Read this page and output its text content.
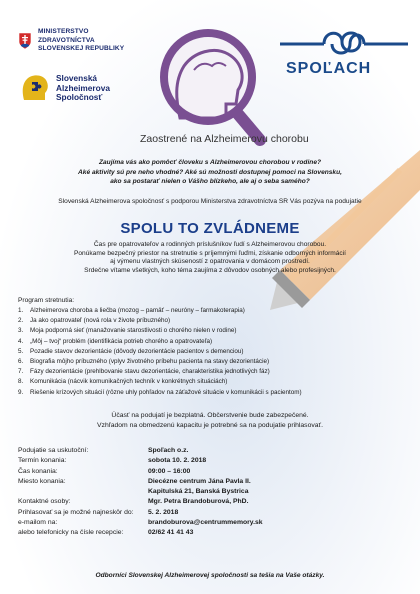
MINISTERSTVO
ZDRAVOTNÍCTVA
SLOVENSKEJ REPUBLIKY
Slovenská
Alzheimerova
Spoločnosť
SPOĽACH
Zaostrené na Alzheimerovu chorobu
Zaujíma vás ako pomôcť človeku s Alzheimerovou chorobou v rodine?
Aké aktivity sú pre neho vhodné? Aké sú možnosti dostupnej pomoci na Slovensku,
ako sa postarať nielen o Vášho blízkeho, ale aj o seba samého?
Slovenská Alzheimerova spoločnosť s podporou Ministerstva zdravotníctva SR Vás pozýva na podujatie
SPOLU TO ZVLÁDNEME
Čas pre opatrovateľov a rodinných príslušníkov ľudí s Alzheimerovou chorobou.
Ponúkame bezpečný priestor na stretnutie s príjemnými ľuďmi, získanie odborných informácií
aj výmenu vlastných skúseností z opatrovania v domácom prostredí.
Srdečne vítame všetkých, koho téma zaujíma z dôvodov osobných alebo profesijných.
Program stretnutia:
1. Alzheimerova choroba a liečba (mozog – pamäť – neuróny – farmakoterapia)
2. Ja ako opatrovateľ (nová rola v živote príbuzného)
3. Moja podporná sieť (manažovanie starostlivosti o chorého nielen v rodine)
4. „Môj – tvoj“ problém (identifikácia potrieb chorého a opatrovateľa)
5. Pozadie stavov dezorientácie (dôvody dezorientácie pacientov s demenciou)
6. Biografia môjho príbuzného (vplyv životného príbehu pacienta na stavy dezorientácie)
7. Fázy dezorientácie (prehlbovanie stavu dezorientácie, charakteristika jednotlivých fáz)
8. Komunikácia (nácvik komunikačných techník v konkrétnych situáciách)
9. Riešenie krízových situácií (rôzne uhly pohľadov na záťažové situácie v komunikácii s pacientom)
Účasť na podujatí je bezplatná. Občerstvenie bude zabezpečené.
Vzhľadom na obmedzenú kapacitu je potrebné sa na podujatie prihlasovať.
Podujatie sa uskutoční:	Spoľach o.z.
Termín konania:	sobota 10. 2. 2018
Čas konania:	09:00 – 16:00
Miesto konania:	Diecézne centrum Jána Pavla II.
Kapitulská 21, Banská Bystrica
Kontaktné osoby:	Mgr. Petra Brandoburová, PhD.
Prihlasovať sa je možné najneskôr do: 5. 2. 2018
e-mailom na:	brandoburova@centrummemory.sk
alebo telefonicky na čísle recepcie:	02/62 41 41 43
Odborníci Slovenskej Alzheimerovej spoločnosti sa tešia na Vaše otázky.
